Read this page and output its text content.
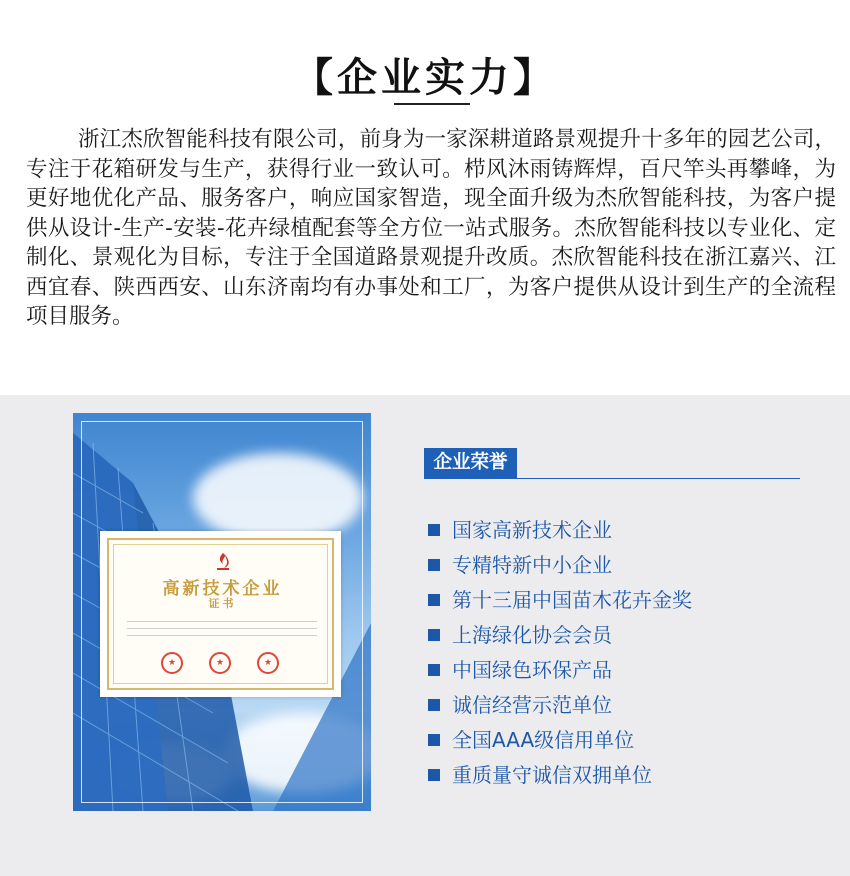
【企业实力】

浙江杰欣智能科技有限公司，前身为一家深耕道路景观提升十多年的园艺公司，专注于花箱研发与生产，获得行业一致认可。栉风沐雨铸辉焊，百尺竿头再攀峰，为更好地优化产品、服务客户，响应国家智造，现全面升级为杰欣智能科技，为客户提供从设计-生产-安装-花卉绿植配套等全方位一站式服务。杰欣智能科技以专业化、定制化、景观化为目标，专注于全国道路景观提升改质。杰欣智能科技在浙江嘉兴、江西宜春、陕西西安、山东济南均有办事处和工厂，为客户提供从设计到生产的全流程项目服务。

高新技术企业
证书
★
★
★
企业荣誉
国家高新技术企业
专精特新中小企业
第十三届中国苗木花卉金奖
上海绿化协会会员
中国绿色环保产品
诚信经营示范单位
全国AAA级信用单位
重质量守诚信双拥单位
